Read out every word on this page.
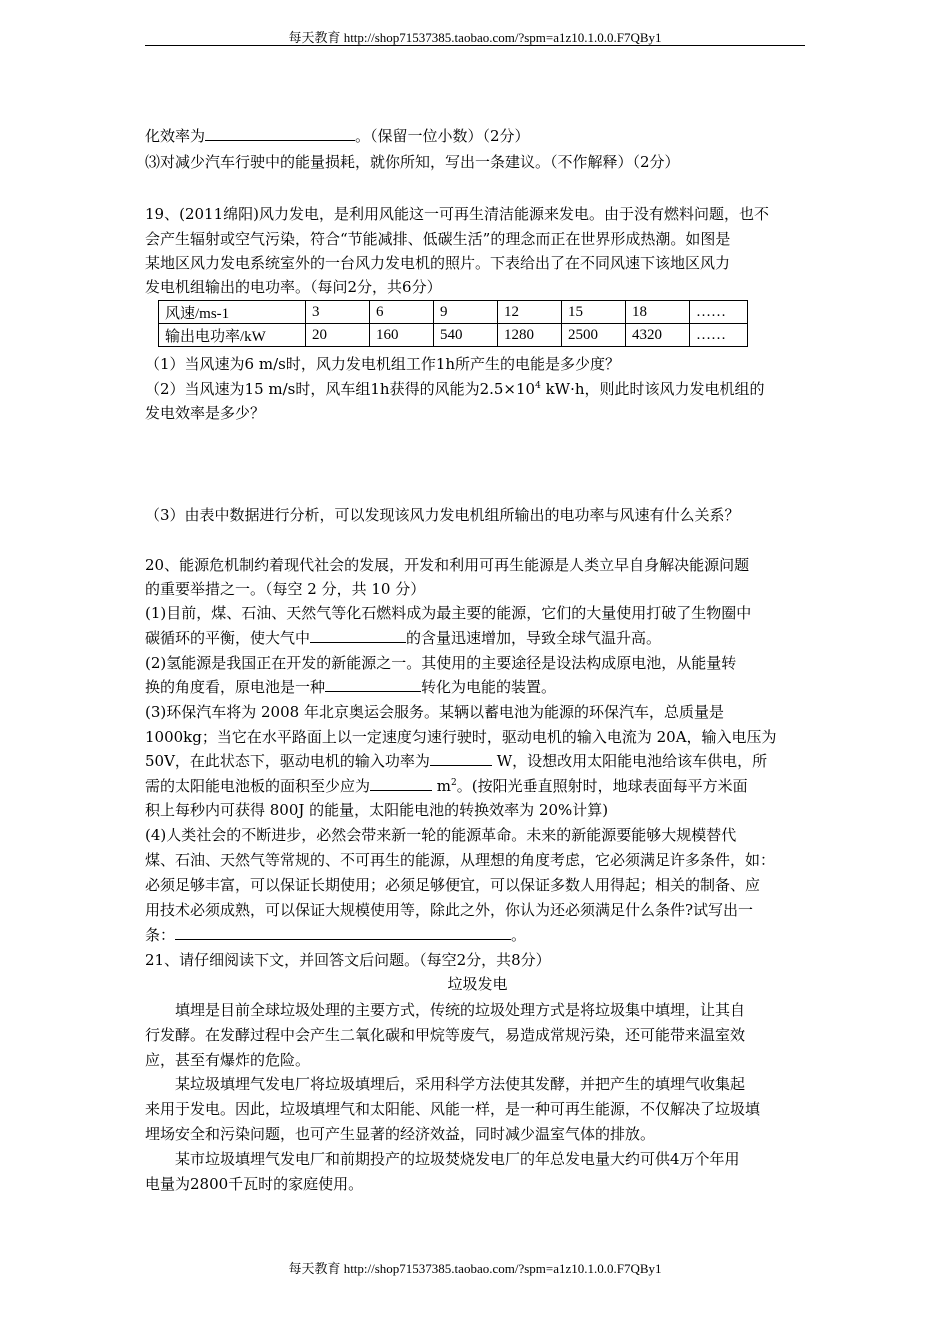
每天教育 http://shop71537385.taobao.com/?spm=a1z10.1.0.0.F7QBy1
化效率为	。（保留一位小数）（2分）
⑶对减少汽车行驶中的能量损耗，就你所知，写出一条建议。（不作解释）（2分）
19、(2011绵阳)风力发电，是利用风能这一可再生清洁能源来发电。由于没有燃料问题，也不
会产生辐射或空气污染，符合“节能减排、低碳生活”的理念而正在世界形成热潮。如图是
某地区风力发电系统室外的一台风力发电机的照片。下表给出了在不同风速下该地区风力
发电机组输出的电功率。（每问2分，共6分）
风速/ms-1	3	6	9	12	15	18	……
输出电功率/kW	20	160	540	1280	2500	4320	……
（1）当风速为6 m/s时，风力发电机组工作1h所产生的电能是多少度？
（2）当风速为15 m/s时，风车组1h获得的风能为$2.5\times 10^4$ kW·h，则此时该风力发电机组的
发电效率是多少？
（3）由表中数据进行分析，可以发现该风力发电机组所输出的电功率与风速有什么关系？
20、能源危机制约着现代社会的发展，开发和利用可再生能源是人类立早自身解决能源问题
的重要举措之一。（每空 2 分，共 10 分）
(1)目前，煤、石油、天然气等化石燃料成为最主要的能源，它们的大量使用打破了生物圈中
碳循环的平衡，使大气中	的含量迅速增加，导致全球气温升高。
(2)氢能源是我国正在开发的新能源之一。其使用的主要途径是设法构成原电池，从能量转
换的角度看，原电池是一种	转化为电能的装置。
(3)环保汽车将为 2008 年北京奥运会服务。某辆以蓄电池为能源的环保汽车，总质量是
1000kg；当它在水平路面上以一定速度匀速行驶时，驱动电机的输入电流为 20A，输入电压为
50V，在此状态下，驱动电机的输入功率为	W，设想改用太阳能电池给该车供电，所
需的太阳能电池板的面积至少应为	$m^2$。(按阳光垂直照射时，地球表面每平方米面
积上每秒内可获得 800J 的能量，太阳能电池的转换效率为 20%计算)
(4)人类社会的不断进步，必然会带来新一轮的能源革命。未来的新能源要能够大规模替代
煤、石油、天然气等常规的、不可再生的能源，从理想的角度考虑，它必须满足许多条件，如：
必须足够丰富，可以保证长期使用；必须足够便宜，可以保证多数人用得起；相关的制备、应
用技术必须成熟，可以保证大规模使用等，除此之外，你认为还必须满足什么条件?试写出一
条：	。
21、请仔细阅读下文，并回答文后问题。（每空2分，共8分）
垃圾发电
　　填埋是目前全球垃圾处理的主要方式，传统的垃圾处理方式是将垃圾集中填埋，让其自
行发酵。在发酵过程中会产生二氧化碳和甲烷等废气，易造成常规污染，还可能带来温室效
应，甚至有爆炸的危险。
　　某垃圾填埋气发电厂将垃圾填埋后，采用科学方法使其发酵，并把产生的填埋气收集起
来用于发电。因此，垃圾填埋气和太阳能、风能一样，是一种可再生能源，不仅解决了垃圾填
埋场安全和污染问题，也可产生显著的经济效益，同时减少温室气体的排放。
　　某市垃圾填埋气发电厂和前期投产的垃圾焚烧发电厂的年总发电量大约可供4万个年用
电量为2800千瓦时的家庭使用。
每天教育 http://shop71537385.taobao.com/?spm=a1z10.1.0.0.F7QBy1
